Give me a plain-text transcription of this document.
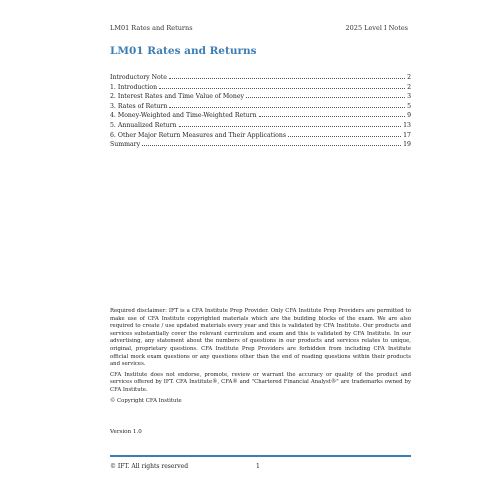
LM01 Rates and Returns	2025 Level I Notes
LM01 Rates and Returns
Introductory Note	2
1. Introduction	2
2. Interest Rates and Time Value of Money	3
3. Rates of Return	5
4. Money-Weighted and Time-Weighted Return	9
5. Annualized Return	13
6. Other Major Return Measures and Their Applications	17
Summary	19

Required disclaimer: IFT is a CFA Institute Prep Provider. Only CFA Institute Prep Providers are permitted to make use of CFA Institute copyrighted materials which are the building blocks of the exam. We are also required to create / use updated materials every year and this is validated by CFA Institute. Our products and services substantially cover the relevant curriculum and exam and this is validated by CFA Institute. In our advertising, any statement about the numbers of questions in our products and services relates to unique, original, proprietary questions. CFA Institute Prep Providers are forbidden from including CFA Institute official mock exam questions or any questions other than the end of reading questions within their products and services.

CFA Institute does not endorse, promote, review or warrant the accuracy or quality of the product and services offered by IFT. CFA Institute®, CFA® and "Chartered Financial Analyst®" are trademarks owned by CFA Institute.

© Copyright CFA Institute

Version 1.0
© IFT. All rights reserved	1
